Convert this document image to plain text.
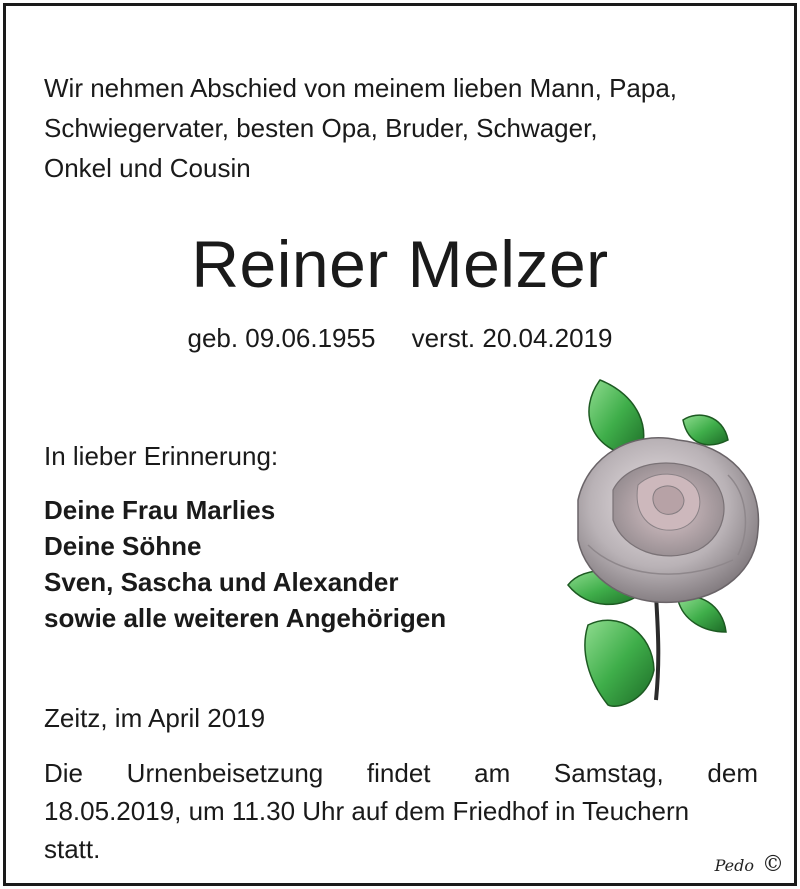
Wir nehmen Abschied von meinem lieben Mann, Papa,
Schwiegervater, besten Opa, Bruder, Schwager,
Onkel und Cousin
Reiner Melzer
geb. 09.06.1955 verst. 20.04.2019
In lieber Erinnerung:
Deine Frau Marlies
Deine Söhne
Sven, Sascha und Alexander
sowie alle weiteren Angehörigen
Zeitz, im April 2019
Die Urnenbeisetzung findet am Samstag, dem
18.05.2019, um 11.30 Uhr auf dem Friedhof in Teuchern
statt.
Pedo ©
